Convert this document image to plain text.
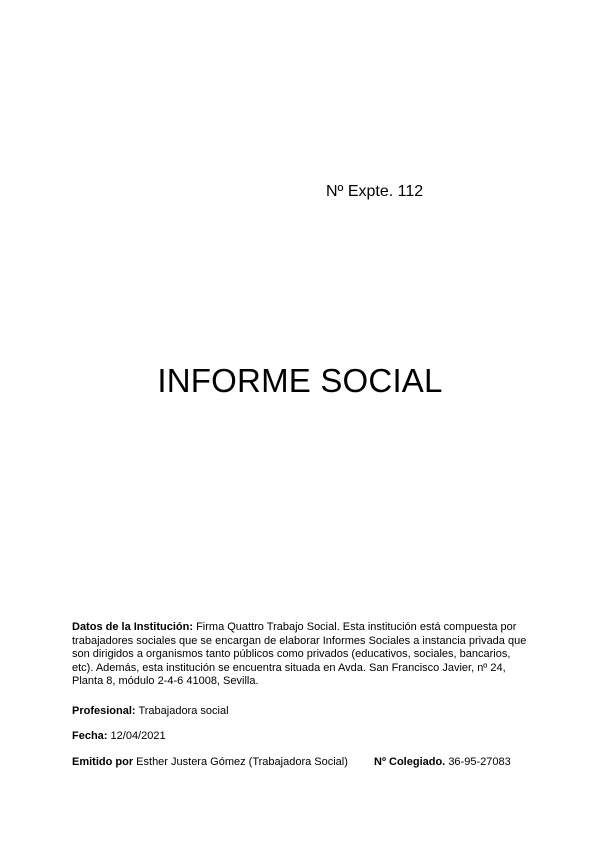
Nº Expte. 112
INFORME SOCIAL
Datos de la Institución: Firma Quattro Trabajo Social. Esta institución está compuesta por trabajadores sociales que se encargan de elaborar Informes Sociales a instancia privada que son dirigidos a organismos tanto públicos como privados (educativos, sociales, bancarios, etc). Además, esta institución se encuentra situada en Avda. San Francisco Javier, nº 24, Planta 8, módulo 2-4-6 41008, Sevilla.
Profesional: Trabajadora social
Fecha: 12/04/2021
Emitido por Esther Justera Gómez (Trabajadora Social) Nº Colegiado. 36-95-27083
